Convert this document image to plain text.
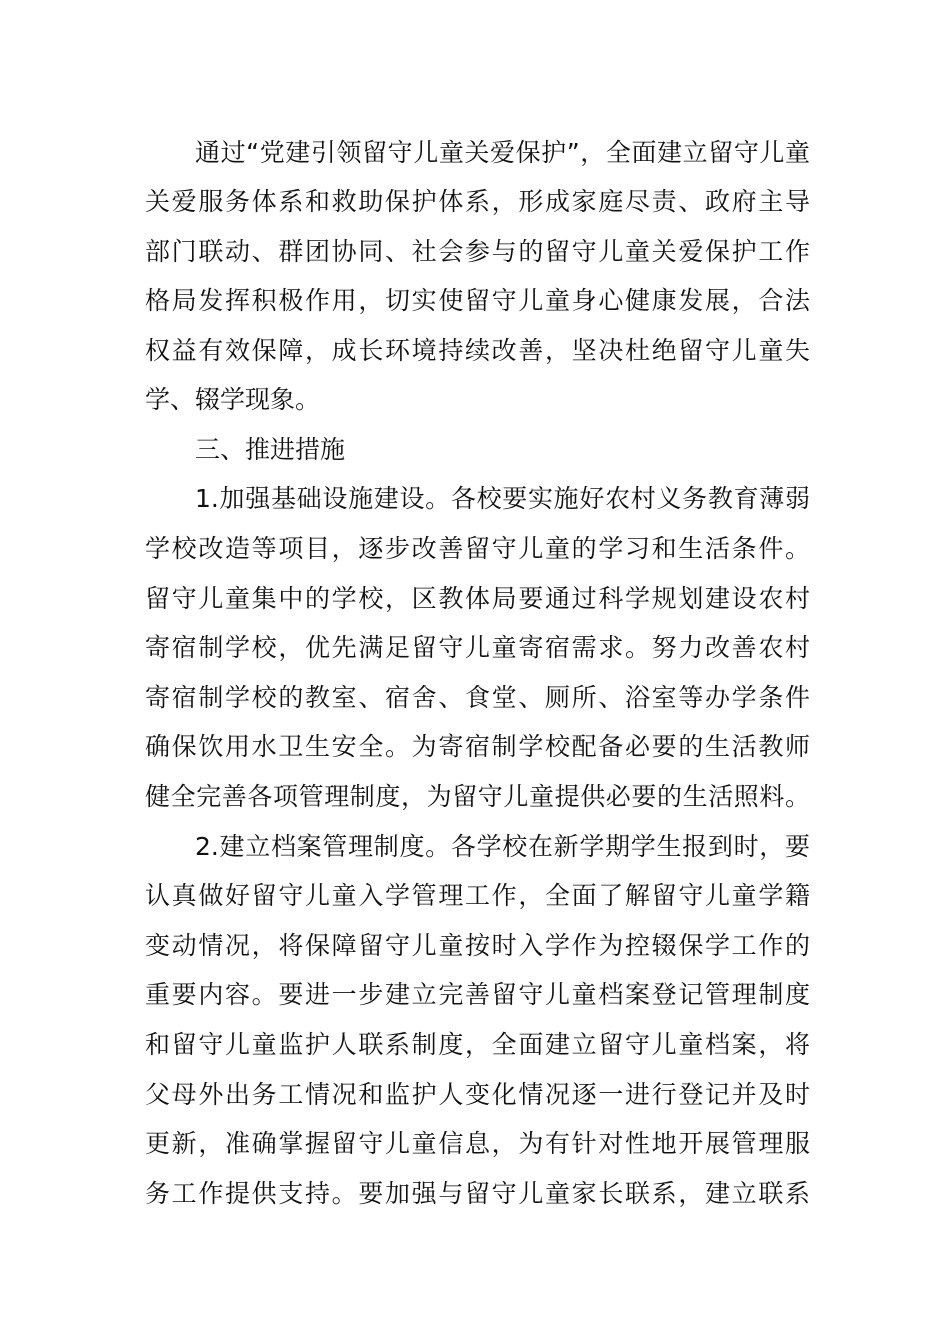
通过“党建引领留守儿童关爱保护”，全面建立留守儿童
关爱服务体系和救助保护体系，形成家庭尽责、政府主导
部门联动、群团协同、社会参与的留守儿童关爱保护工作
格局发挥积极作用，切实使留守儿童身心健康发展，合法
权益有效保障，成长环境持续改善，坚决杜绝留守儿童失
学、辍学现象。
三、推进措施
1.加强基础设施建设。各校要实施好农村义务教育薄弱
学校改造等项目，逐步改善留守儿童的学习和生活条件。
留守儿童集中的学校，区教体局要通过科学规划建设农村
寄宿制学校，优先满足留守儿童寄宿需求。努力改善农村
寄宿制学校的教室、宿舍、食堂、厕所、浴室等办学条件
确保饮用水卫生安全。为寄宿制学校配备必要的生活教师
健全完善各项管理制度，为留守儿童提供必要的生活照料。
2.建立档案管理制度。各学校在新学期学生报到时，要
认真做好留守儿童入学管理工作，全面了解留守儿童学籍
变动情况，将保障留守儿童按时入学作为控辍保学工作的
重要内容。要进一步建立完善留守儿童档案登记管理制度
和留守儿童监护人联系制度，全面建立留守儿童档案，将
父母外出务工情况和监护人变化情况逐一进行登记并及时
更新，准确掌握留守儿童信息，为有针对性地开展管理服
务工作提供支持。要加强与留守儿童家长联系，建立联系
